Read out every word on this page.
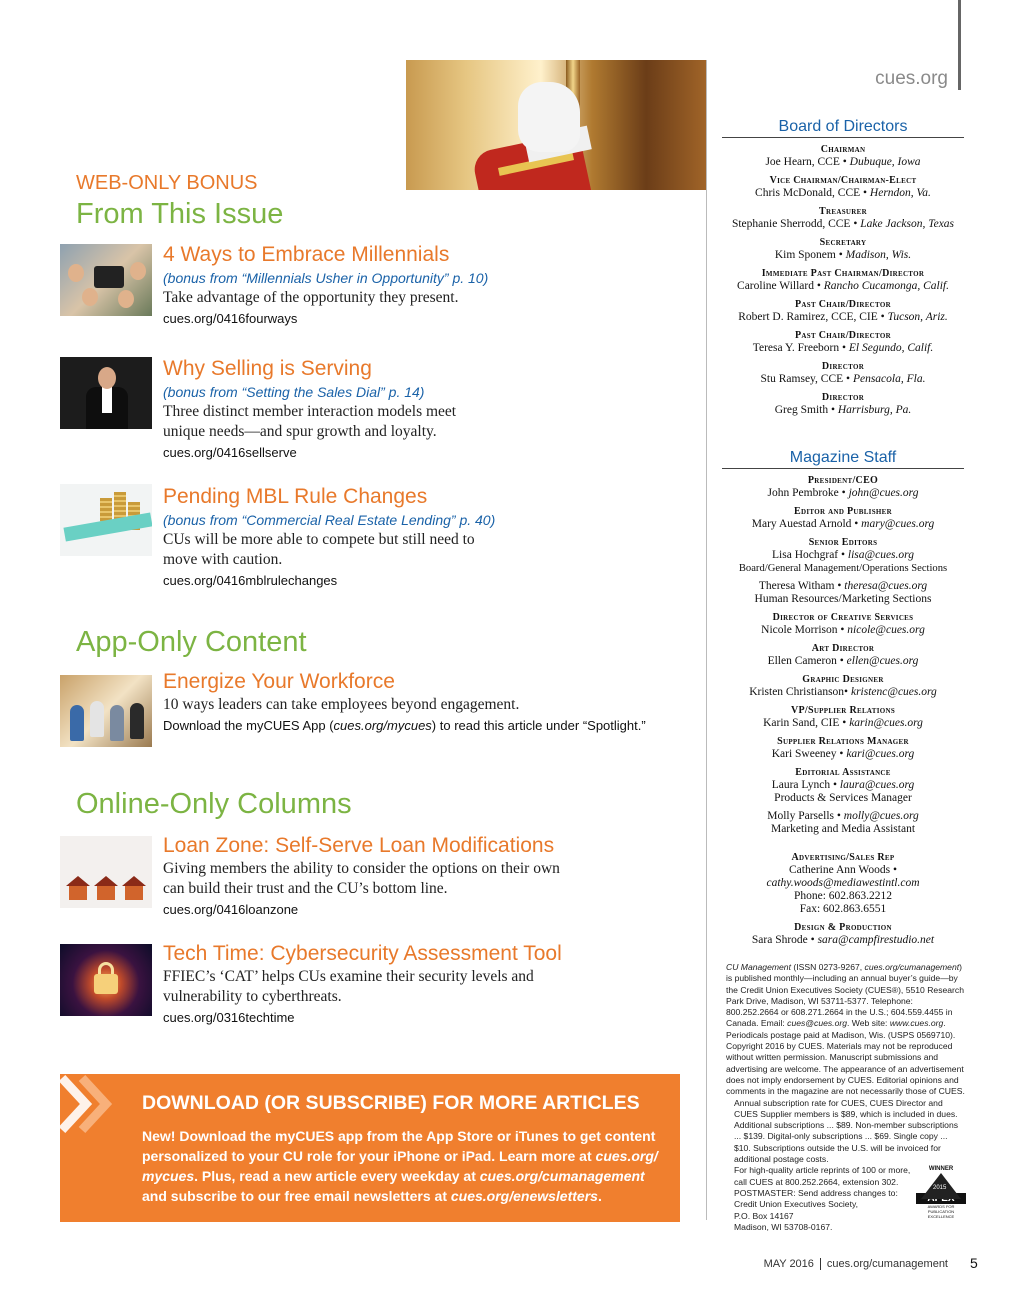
cues.org
WEB-ONLY BONUS
From This Issue
4 Ways to Embrace Millennials
(bonus from “Millennials Usher in Opportunity” p. 10)
Take advantage of the opportunity they present.
cues.org/0416fourways
Why Selling is Serving
(bonus from “Setting the Sales Dial” p. 14)
Three distinct member interaction models meet unique needs—and spur growth and loyalty.
cues.org/0416sellserve
Pending MBL Rule Changes
(bonus from “Commercial Real Estate Lending” p. 40)
CUs will be more able to compete but still need to move with caution.
cues.org/0416mblrulechanges
App-Only Content
Energize Your Workforce
10 ways leaders can take employees beyond engagement.
Download the myCUES App (cues.org/mycues) to read this article under “Spotlight.”
Online-Only Columns
Loan Zone: Self-Serve Loan Modifications
Giving members the ability to consider the options on their own can build their trust and the CU’s bottom line.
cues.org/0416loanzone
Tech Time: Cybersecurity Assessment Tool
FFIEC’s ‘CAT’ helps CUs examine their security levels and vulnerability to cyberthreats.
cues.org/0316techtime
DOWNLOAD (OR SUBSCRIBE) FOR MORE ARTICLES
New! Download the myCUES app from the App Store or iTunes to get content personalized to your CU role for your iPhone or iPad. Learn more at cues.org/ mycues. Plus, read a new article every weekday at cues.org/cumanagement and subscribe to our free email newsletters at cues.org/enewsletters.
Board of Directors
Chairman
Joe Hearn, CCE • Dubuque, Iowa
Vice Chairman/Chairman-Elect
Chris McDonald, CCE • Herndon, Va.
Treasurer
Stephanie Sherrodd, CCE • Lake Jackson, Texas
Secretary
Kim Sponem • Madison, Wis.
Immediate Past Chairman/Director
Caroline Willard • Rancho Cucamonga, Calif.
Past Chair/Director
Robert D. Ramirez, CCE, CIE • Tucson, Ariz.
Past Chair/Director
Teresa Y. Freeborn • El Segundo, Calif.
Director
Stu Ramsey, CCE • Pensacola, Fla.
Director
Greg Smith • Harrisburg, Pa.
Magazine Staff
President/CEO
John Pembroke • john@cues.org
Editor and Publisher
Mary Auestad Arnold • mary@cues.org
Senior Editors
Lisa Hochgraf • lisa@cues.org
Board/General Management/Operations Sections
Theresa Witham • theresa@cues.org
Human Resources/Marketing Sections
Director of Creative Services
Nicole Morrison • nicole@cues.org
Art Director
Ellen Cameron • ellen@cues.org
Graphic Designer
Kristen Christianson• kristenc@cues.org
VP/Supplier Relations
Karin Sand, CIE • karin@cues.org
Supplier Relations Manager
Kari Sweeney • kari@cues.org
Editorial Assistance
Laura Lynch • laura@cues.org
Products & Services Manager
Molly Parsells • molly@cues.org
Marketing and Media Assistant
Advertising/Sales Rep
Catherine Ann Woods •
cathy.woods@mediawestintl.com
Phone: 602.863.2212
Fax: 602.863.6551
Design & Production
Sara Shrode • sara@campfirestudio.net

CU Management (ISSN 0273-9267, cues.org/cumanagement) is published monthly—including an annual buyer’s guide—by the Credit Union Executives Society (CUES®), 5510 Research Park Drive, Madison, WI 53711-5377. Telephone: 800.252.2664 or 608.271.2664 in the U.S.; 604.559.4455 in Canada. Email: cues@cues.org. Web site: www.cues.org. Periodicals postage paid at Madison, Wis. (USPS 0569710). Copyright 2016 by CUES. Materials may not be reproduced without written permission. Manuscript submissions and advertising are welcome. The appearance of an advertisement does not imply endorsement by CUES. Editorial opinions and comments in the magazine are not necessarily those of CUES.

Annual subscription rate for CUES, CUES Director and CUES Supplier members is $89, which is included in dues. Additional subscriptions ... $89. Non-member subscriptions ... $139. Digital-only subscriptions ... $69. Single copy ... $10. Subscriptions outside the U.S. will be invoiced for additional postage costs.

For high-quality article reprints of 100 or more, call CUES at 800.252.2664, extension 302.

POSTMASTER: Send address changes to:

Credit Union Executives Society,

P.O. Box 14167

Madison, WI 53708-0167.

WINNER
2015
APEX
AWARDS FOR PUBLICATION EXCELLENCE
MAY 2016 cues.org/cumanagement 5
